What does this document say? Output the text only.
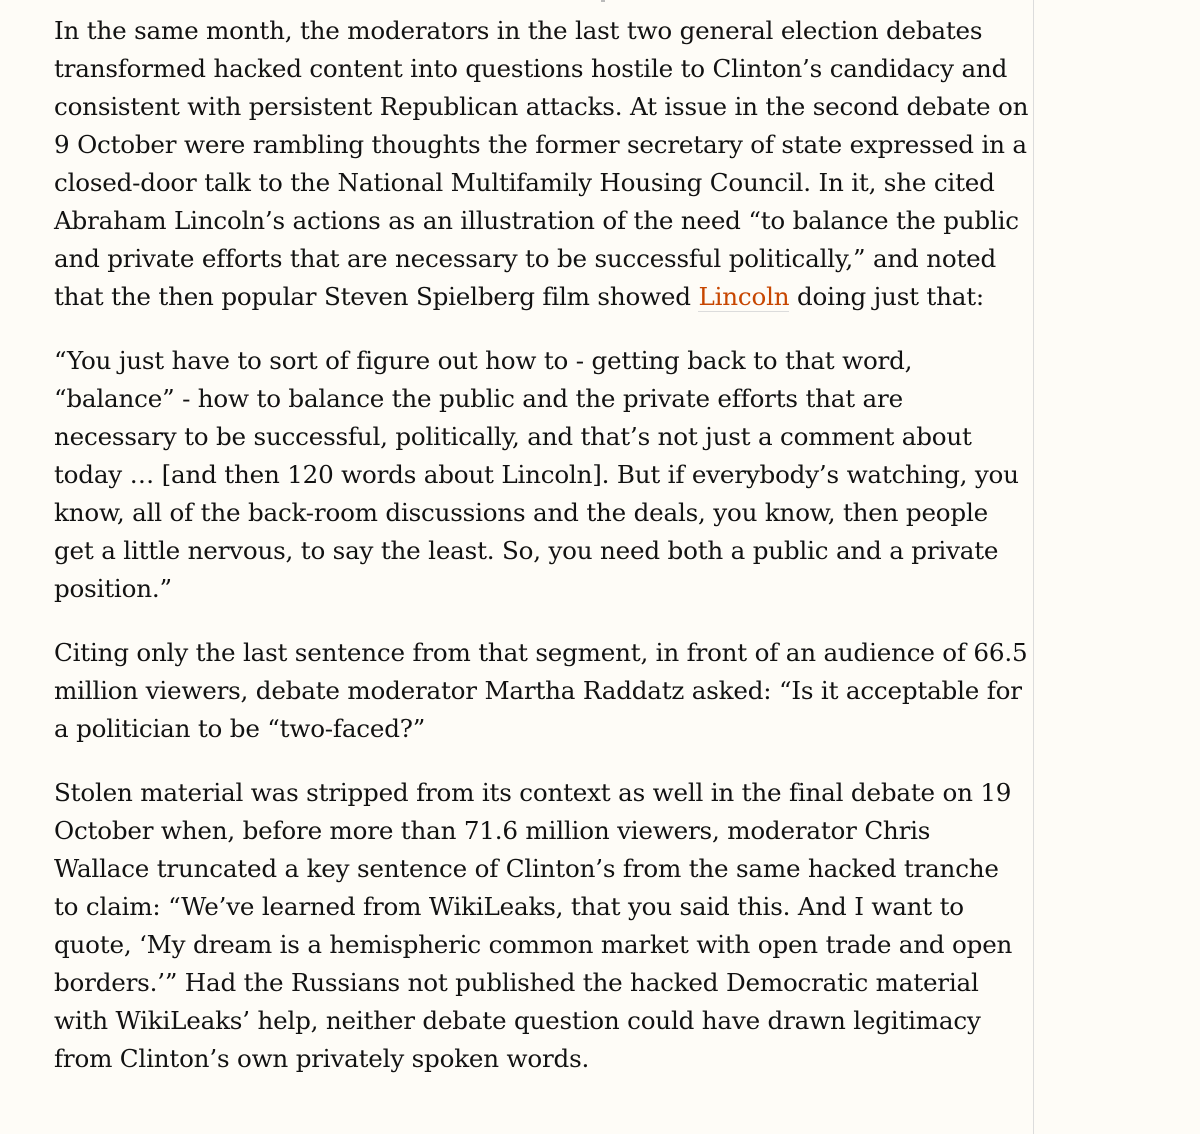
In the same month, the moderators in the last two general election debates transformed hacked content into questions hostile to Clinton’s candidacy and consistent with persistent Republican attacks. At issue in the second debate on 9 October were rambling thoughts the former secretary of state expressed in a closed-door talk to the National Multifamily Housing Council. In it, she cited Abraham Lincoln’s actions as an illustration of the need “to balance the public and private efforts that are necessary to be successful politically,” and noted that the then popular Steven Spielberg film showed Lincoln doing just that:

“You just have to sort of figure out how to - getting back to that word, “balance” - how to balance the public and the private efforts that are necessary to be successful, politically, and that’s not just a comment about today … [and then 120 words about Lincoln]. But if everybody’s watching, you know, all of the back-room discussions and the deals, you know, then people get a little nervous, to say the least. So, you need both a public and a private position.”

Citing only the last sentence from that segment, in front of an audience of 66.5 million viewers, debate moderator Martha Raddatz asked: “Is it acceptable for a politician to be “two-faced?”

Stolen material was stripped from its context as well in the final debate on 19 October when, before more than 71.6 million viewers, moderator Chris Wallace truncated a key sentence of Clinton’s from the same hacked tranche to claim: “We’ve learned from WikiLeaks, that you said this. And I want to quote, ‘My dream is a hemispheric common market with open trade and open borders.’” Had the Russians not published the hacked Democratic material with WikiLeaks’ help, neither debate question could have drawn legitimacy from Clinton’s own privately spoken words.
